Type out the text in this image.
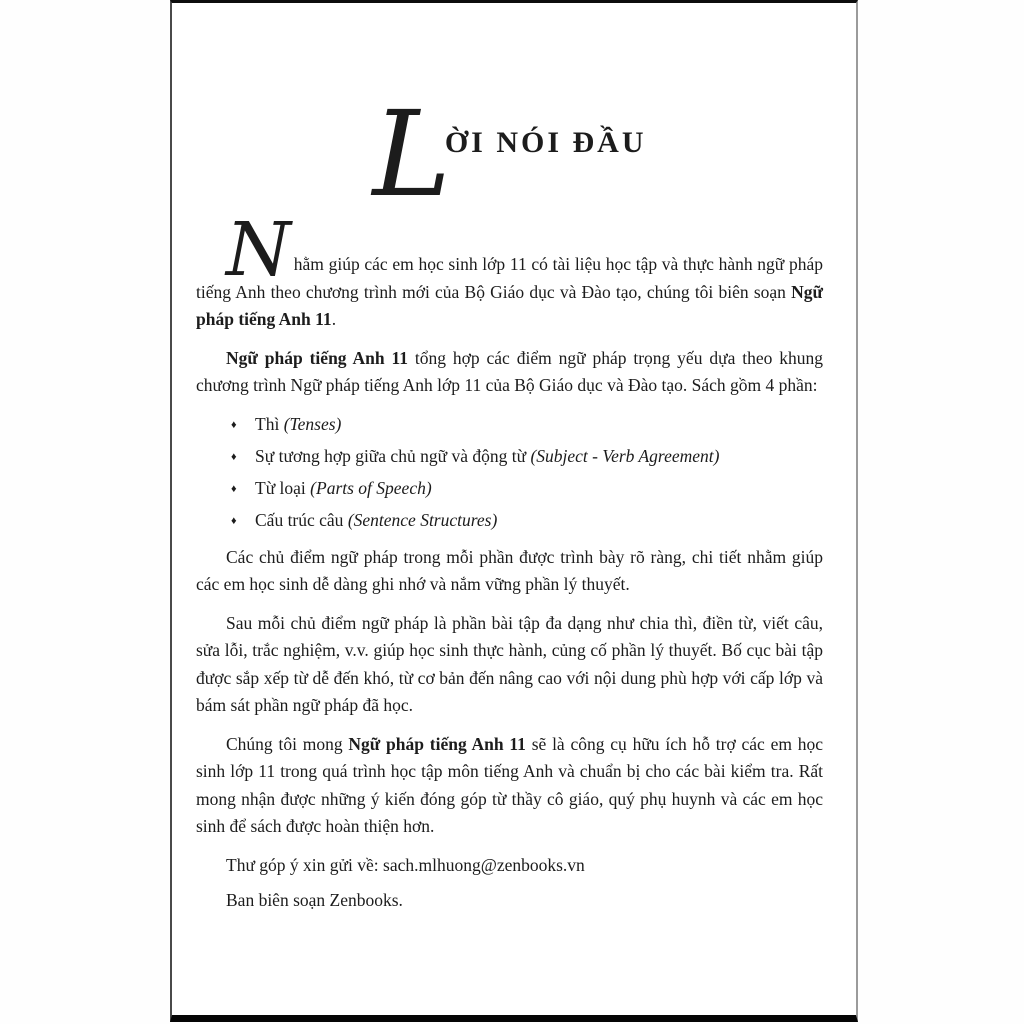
L
ỜI NÓI ĐẦU

Nhằm giúp các em học sinh lớp 11 có tài liệu học tập và thực hành ngữ pháp tiếng Anh theo chương trình mới của Bộ Giáo dục và Đào tạo, chúng tôi biên soạn Ngữ pháp tiếng Anh 11.

Ngữ pháp tiếng Anh 11 tổng hợp các điểm ngữ pháp trọng yếu dựa theo khung chương trình Ngữ pháp tiếng Anh lớp 11 của Bộ Giáo dục và Đào tạo. Sách gồm 4 phần:

♦ Thì (Tenses)
♦ Sự tương hợp giữa chủ ngữ và động từ (Subject - Verb Agreement)
♦ Từ loại (Parts of Speech)
♦ Cấu trúc câu (Sentence Structures)

Các chủ điểm ngữ pháp trong mỗi phần được trình bày rõ ràng, chi tiết nhằm giúp các em học sinh dễ dàng ghi nhớ và nắm vững phần lý thuyết.

Sau mỗi chủ điểm ngữ pháp là phần bài tập đa dạng như chia thì, điền từ, viết câu, sửa lỗi, trắc nghiệm, v.v. giúp học sinh thực hành, củng cố phần lý thuyết. Bố cục bài tập được sắp xếp từ dễ đến khó, từ cơ bản đến nâng cao với nội dung phù hợp với cấp lớp và bám sát phần ngữ pháp đã học.

Chúng tôi mong Ngữ pháp tiếng Anh 11 sẽ là công cụ hữu ích hỗ trợ các em học sinh lớp 11 trong quá trình học tập môn tiếng Anh và chuẩn bị cho các bài kiểm tra. Rất mong nhận được những ý kiến đóng góp từ thầy cô giáo, quý phụ huynh và các em học sinh để sách được hoàn thiện hơn.

Thư góp ý xin gửi về: sach.mlhuong@zenbooks.vn

Ban biên soạn Zenbooks.
